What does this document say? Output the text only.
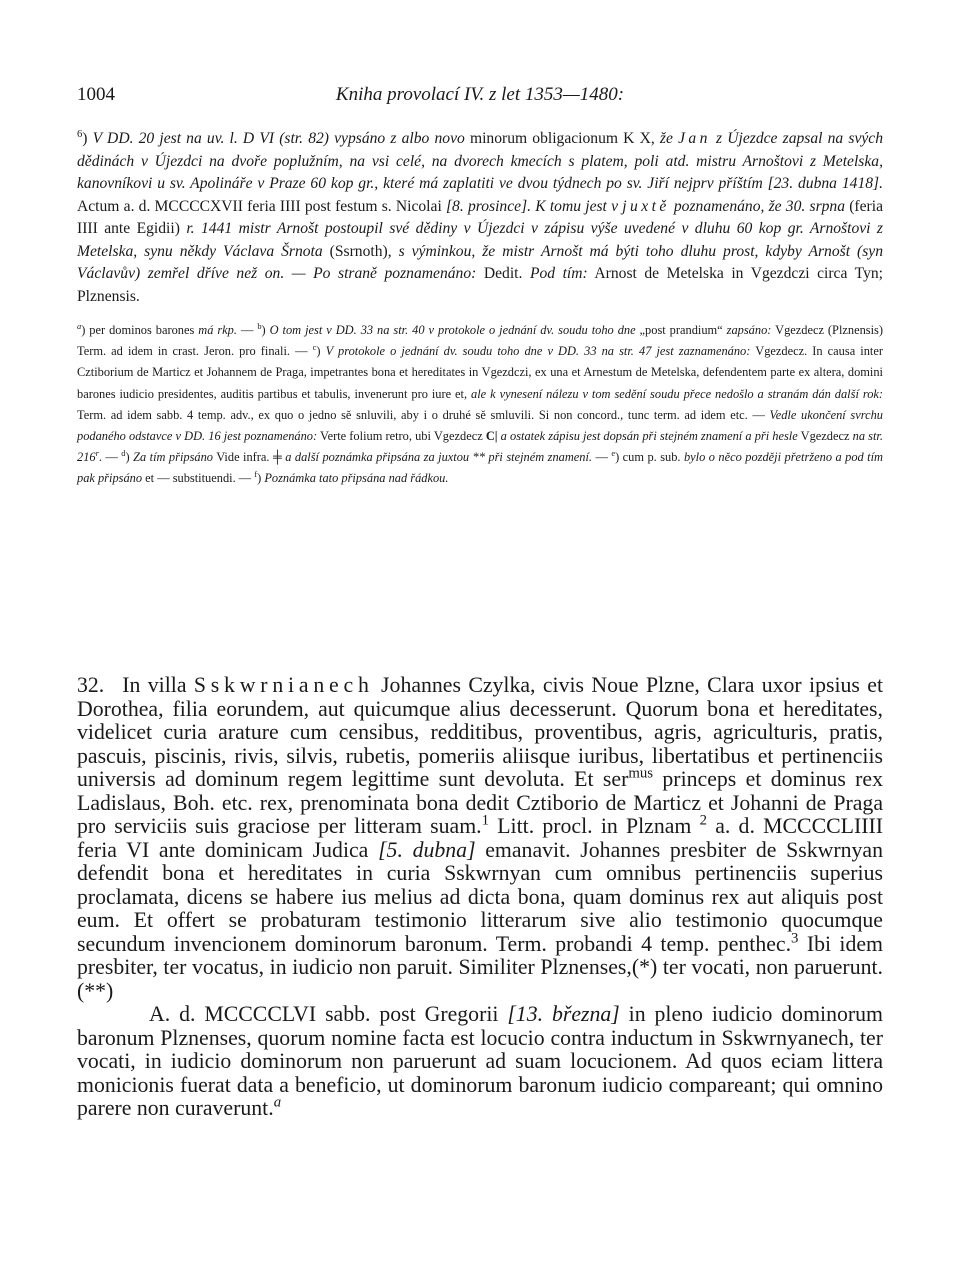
1004	Kniha provolací IV. z let 1353—1480:

$^6$) V DD. 20 jest na uv. l. D VI (str. 82) vypsáno z albo novo minorum obligacionum K X, že Jan z Újezdce zapsal na svých dědinách v Újezdci na dvoře poplužním, na vsi celé, na dvorech kmecích s platem, poli atd. mistru Arnoštovi z Metelska, kanovníkovi u sv. Apolináře v Praze 60 kop gr., které má zaplatiti ve dvou týdnech po sv. Jiří nejprv příštím [23. dubna 1418]. Actum a. d. MCCCCXVII feria IIII post festum s. Nicolai [8. prosince]. K tomu jest v juxtě poznamenáno, že 30. srpna (feria IIII ante Egidii) r. 1441 mistr Arnošt postoupil své dědiny v Újezdci v zápisu výše uvedené v dluhu 60 kop gr. Arnoštovi z Metelska, synu někdy Václava Šrnota (Ssrnoth), s výminkou, že mistr Arnošt má býti toho dluhu prost, kdyby Arnošt (syn Václavův) zemřel dříve než on. — Po straně poznamenáno: Dedit. Pod tím: Arnost de Metelska in Vgezdczi circa Tyn; Plznensis.

$^a$) per dominos barones má rkp. — $^b$) O tom jest v DD. 33 na str. 40 v protokole o jednání dv. soudu toho dne „post prandium“ zapsáno: Vgezdecz (Plznensis) Term. ad idem in crast. Jeron. pro finali. — $^c$) V protokole o jednání dv. soudu toho dne v DD. 33 na str. 47 jest zaznamenáno: Vgezdecz. In causa inter Cztiborium de Marticz et Johannem de Praga, impetrantes bona et hereditates in Vgezdczi, ex una et Arnestum de Metelska, defendentem parte ex altera, domini barones iudicio presidentes, auditis partibus et tabulis, invenerunt pro iure et, ale k vynesení nálezu v tom sedění soudu přece nedošlo a stranám dán další rok: Term. ad idem sabb. 4 temp. adv., ex quo o jedno sě snluvili, aby i o druhé sě smluvili. Si non concord., tunc term. ad idem etc. — Vedle ukončení svrchu podaného odstavce v DD. 16 jest poznamenáno: Verte folium retro, ubi Vgezdecz C| a ostatek zápisu jest dopsán při stejném znamení a při hesle Vgezdecz na str. 216$^r$. — $^d$) Za tím připsáno Vide infra. ╪ a další poznámka připsána za juxtou ** při stejném znamení. — $^e$) cum p. sub. bylo o něco později přetrženo a pod tím pak připsáno et — substituendi. — $^f$) Poznámka tato připsána nad řádkou.

32. In villa Sskwrnianech Johannes Czylka, civis Noue Plzne, Clara uxor ipsius et Dorothea, filia eorundem, aut quicumque alius decesserunt. Quorum bona et hereditates, videlicet curia arature cum censibus, redditibus, proventibus, agris, agriculturis, pratis, pascuis, piscinis, rivis, silvis, rubetis, pomeriis aliisque iuribus, libertatibus et pertinenciis universis ad dominum regem legittime sunt devoluta. Et ser$^{mus}$ princeps et dominus rex Ladislaus, Boh. etc. rex, prenominata bona dedit Cztiborio de Marticz et Johanni de Praga pro serviciis suis graciose per litteram suam.$^1$ Litt. procl. in Plznam $^2$ a. d. MCCCCLIIII feria VI ante dominicam Judica [5. dubna] emanavit. Johannes presbiter de Sskwrnyan defendit bona et hereditates in curia Sskwrnyan cum omnibus pertinenciis superius proclamata, dicens se habere ius melius ad dicta bona, quam dominus rex aut aliquis post eum. Et offert se probaturam testimonio litterarum sive alio testimonio quocumque secundum invencionem dominorum baronum. Term. probandi 4 temp. penthec.$^3$ Ibi idem presbiter, ter vocatus, in iudicio non paruit. Similiter Plznenses,(*) ter vocati, non paruerunt. (**)

A. d. MCCCCLVI sabb. post Gregorii [13. března] in pleno iudicio dominorum baronum Plznenses, quorum nomine facta est locucio contra inductum in Sskwrnyanech, ter vocati, in iudicio dominorum non paruerunt ad suam locucionem. Ad quos eciam littera monicionis fuerat data a beneficio, ut dominorum baronum iudicio compareant; qui omnino parere non curaverunt.$^a$
